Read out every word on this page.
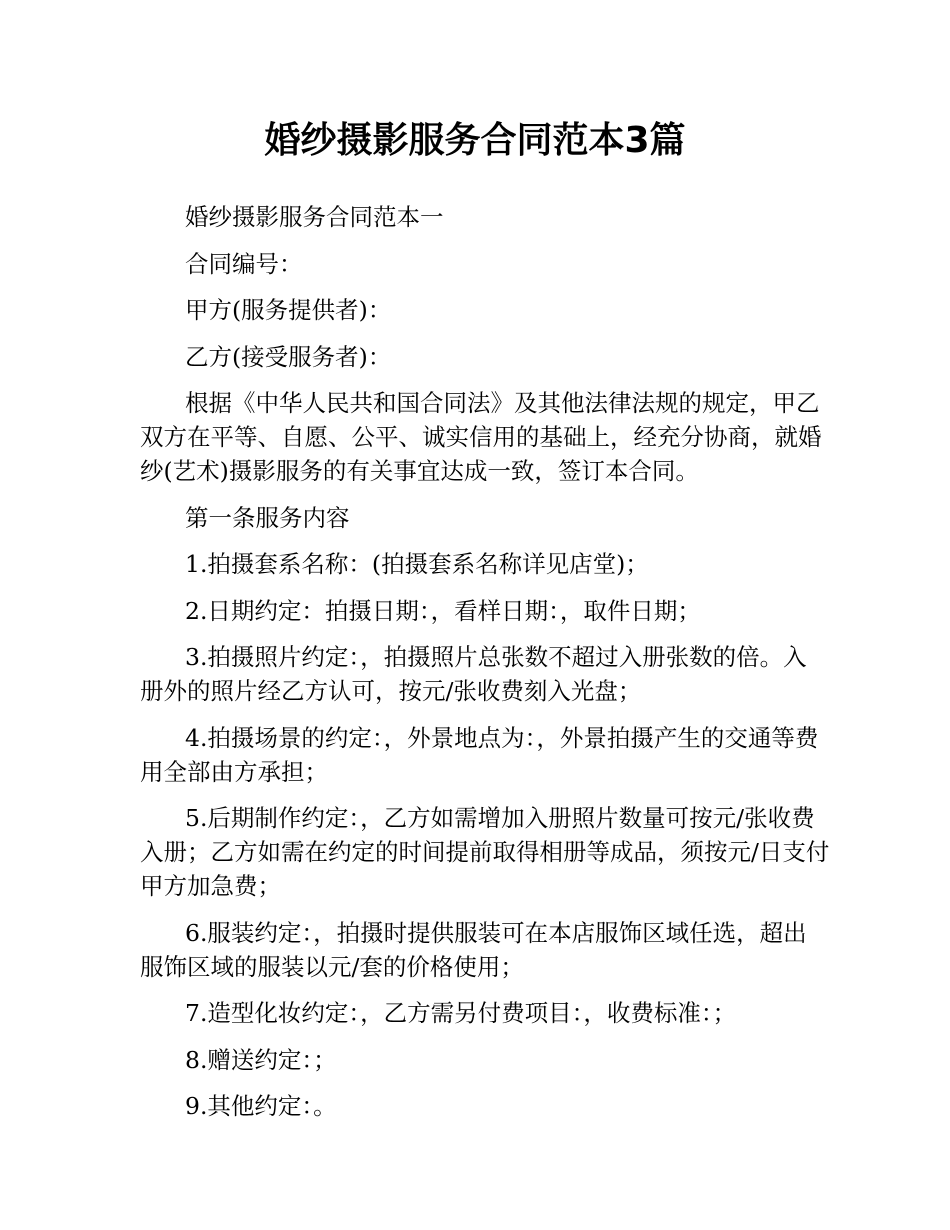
婚纱摄影服务合同范本3篇

婚纱摄影服务合同范本一

合同编号：

甲方(服务提供者)：

乙方(接受服务者)：

根据《中华人民共和国合同法》及其他法律法规的规定，甲乙双方在平等、自愿、公平、诚实信用的基础上，经充分协商，就婚纱(艺术)摄影服务的有关事宜达成一致，签订本合同。

第一条服务内容

1.拍摄套系名称：(拍摄套系名称详见店堂)；

2.日期约定：拍摄日期：，看样日期：，取件日期；

3.拍摄照片约定：，拍摄照片总张数不超过入册张数的倍。入册外的照片经乙方认可，按元/张收费刻入光盘；

4.拍摄场景的约定：，外景地点为：，外景拍摄产生的交通等费用全部由方承担；

5.后期制作约定：，乙方如需增加入册照片数量可按元/张收费入册；乙方如需在约定的时间提前取得相册等成品，须按元/日支付甲方加急费；

6.服装约定：，拍摄时提供服装可在本店服饰区域任选，超出服饰区域的服装以元/套的价格使用；

7.造型化妆约定：，乙方需另付费项目：，收费标准：；

8.赠送约定：；

9.其他约定：。
